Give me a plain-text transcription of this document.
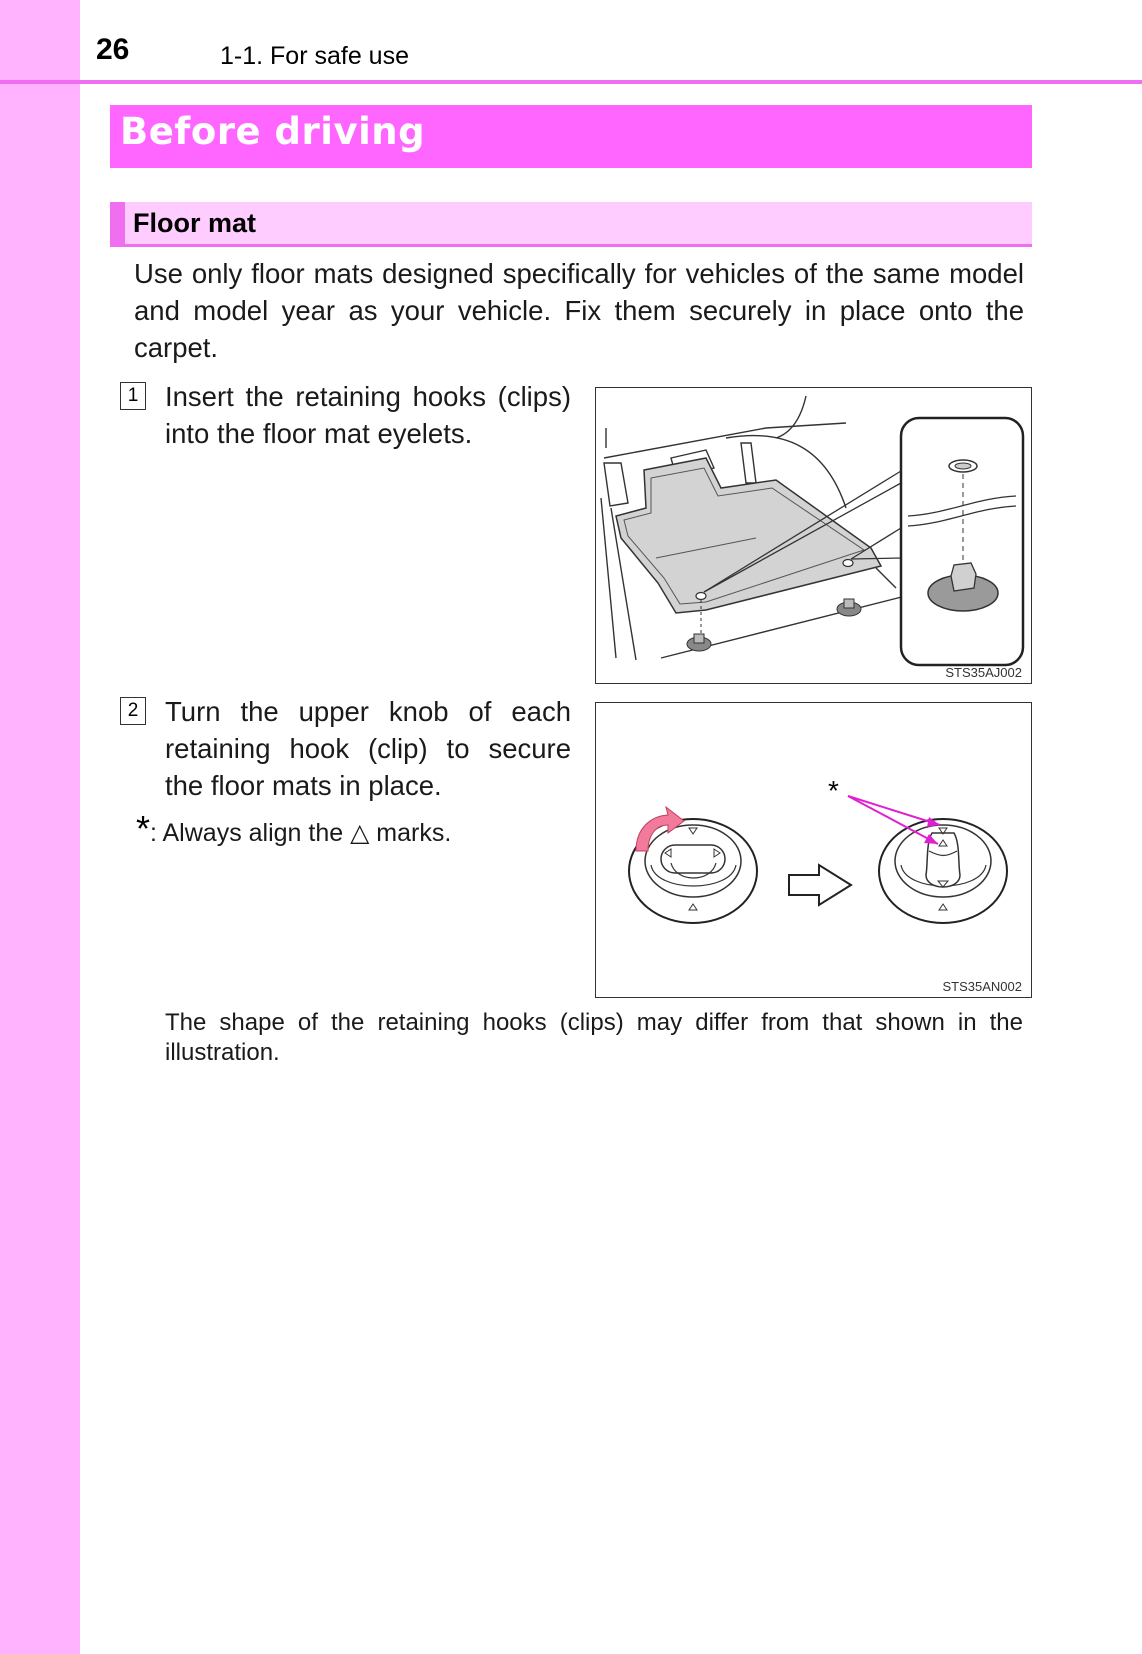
26	1-1. For safe use
Before driving
Floor mat
Use only floor mats designed specifically for vehicles of the same model and model year as your vehicle. Fix them securely in place onto the carpet.
1 Insert the retaining hooks (clips) into the floor mat eyelets.
STS35AJ002
2 Turn the upper knob of each retaining hook (clip) to secure the floor mats in place.
* : Always align the △ marks.
*
STS35AN002
The shape of the retaining hooks (clips) may differ from that shown in the illustration.
